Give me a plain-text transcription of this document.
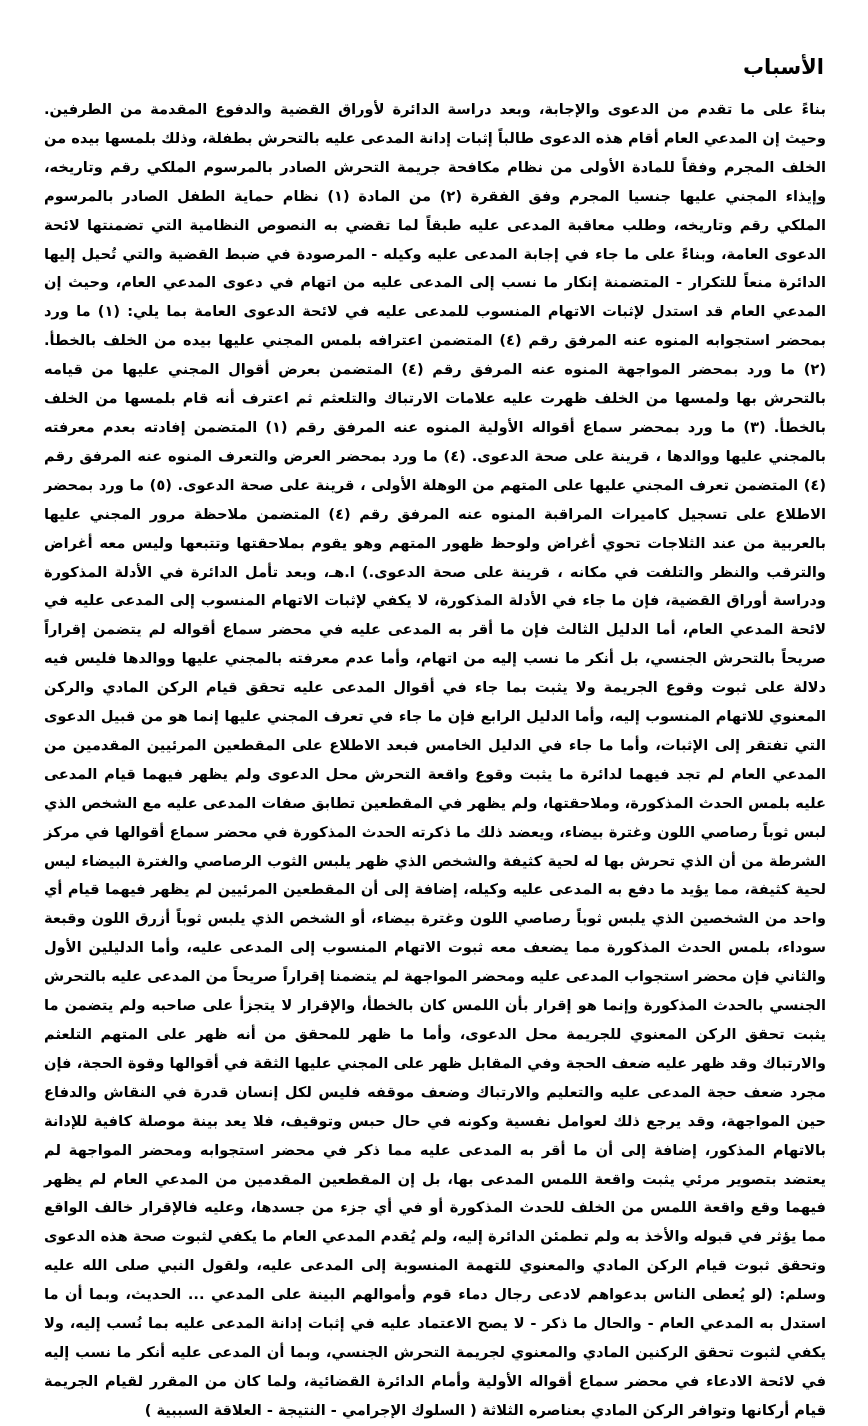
الأسباب

بناءً على ما تقدم من الدعوى والإجابة، وبعد دراسة الدائرة لأوراق القضية والدفوع المقدمة من الطرفين. وحيث إن المدعي العام أقام هذه الدعوى طالباً إثبات إدانة المدعى عليه بالتحرش بطفلة، وذلك بلمسها بيده من الخلف المجرم وفقاً للمادة الأولى من نظام مكافحة جريمة التحرش الصادر بالمرسوم الملكي رقم وتاريخه، وإيذاء المجني عليها جنسيا المجرم وفق الفقرة (٢) من المادة (١) نظام حماية الطفل الصادر بالمرسوم الملكي رقم وتاريخه، وطلب معاقبة المدعى عليه طبقاً لما تقضي به النصوص النظامية التي تضمنتها لائحة الدعوى العامة، وبناءً على ما جاء في إجابة المدعى عليه وكيله - المرصودة في ضبط القضية والتي تُحيل إليها الدائرة منعاً للتكرار - المتضمنة إنكار ما نسب إلى المدعى عليه من اتهام في دعوى المدعي العام، وحيث إن المدعي العام قد استدل لإثبات الاتهام المنسوب للمدعى عليه في لائحة الدعوى العامة بما يلي: (١) ما ورد بمحضر استجوابه المنوه عنه المرفق رقم (٤) المتضمن اعترافه بلمس المجني عليها بيده من الخلف بالخطأ. (٢) ما ورد بمحضر المواجهة المنوه عنه المرفق رقم (٤) المتضمن بعرض أقوال المجني عليها من قيامه بالتحرش بها ولمسها من الخلف ظهرت عليه علامات الارتباك والتلعثم ثم اعترف أنه قام بلمسها من الخلف بالخطأ. (٣) ما ورد بمحضر سماع أقواله الأولية المنوه عنه المرفق رقم (١) المتضمن إفادته بعدم معرفته بالمجني عليها ووالدها ، قرينة على صحة الدعوى. (٤) ما ورد بمحضر العرض والتعرف المنوه عنه المرفق رقم (٤) المتضمن تعرف المجني عليها على المتهم من الوهلة الأولى ، قرينة على صحة الدعوى. (٥) ما ورد بمحضر الاطلاع على تسجيل كاميرات المراقبة المنوه عنه المرفق رقم (٤) المتضمن ملاحظة مرور المجني عليها بالعربية من عند الثلاجات تحوي أغراض ولوحظ ظهور المتهم وهو يقوم بملاحقتها وتتبعها وليس معه أغراض والترقب والنظر والتلفت في مكانه ، قرينة على صحة الدعوى.) ا.هـ، وبعد تأمل الدائرة في الأدلة المذكورة ودراسة أوراق القضية، فإن ما جاء في الأدلة المذكورة، لا يكفي لإثبات الاتهام المنسوب إلى المدعى عليه في لائحة المدعي العام، أما الدليل الثالث فإن ما أقر به المدعى عليه في محضر سماع أقواله لم يتضمن إقراراً صريحاً بالتحرش الجنسي، بل أنكر ما نسب إليه من اتهام، وأما عدم معرفته بالمجني عليها ووالدها فليس فيه دلالة على ثبوت وقوع الجريمة ولا يثبت بما جاء في أقوال المدعى عليه تحقق قيام الركن المادي والركن المعنوي للاتهام المنسوب إليه، وأما الدليل الرابع فإن ما جاء في تعرف المجني عليها إنما هو من قبيل الدعوى التي تفتقر إلى الإثبات، وأما ما جاء في الدليل الخامس فبعد الاطلاع على المقطعين المرئيين المقدمين من المدعي العام لم تجد فيهما لدائرة ما يثبت وقوع واقعة التحرش محل الدعوى ولم يظهر فيهما قيام المدعى عليه بلمس الحدث المذكورة، وملاحقتها، ولم يظهر في المقطعين تطابق صفات المدعى عليه مع الشخص الذي لبس ثوباً رصاصي اللون وغترة بيضاء، ويعضد ذلك ما ذكرته الحدث المذكورة في محضر سماع أقوالها في مركز الشرطة من أن الذي تحرش بها له لحية كثيفة والشخص الذي ظهر يلبس الثوب الرصاصي والغترة البيضاء ليس لحية كثيفة، مما يؤيد ما دفع به المدعى عليه وكيله، إضافة إلى أن المقطعين المرئيين لم يظهر فيهما قيام أي واحد من الشخصين الذي يلبس ثوباً رصاصي اللون وغترة بيضاء، أو الشخص الذي يلبس ثوباً أزرق اللون وقبعة سوداء، بلمس الحدث المذكورة مما يضعف معه ثبوت الاتهام المنسوب إلى المدعى عليه، وأما الدليلين الأول والثاني فإن محضر استجواب المدعى عليه ومحضر المواجهة لم يتضمنا إقراراً صريحاً من المدعى عليه بالتحرش الجنسي بالحدث المذكورة وإنما هو إقرار بأن اللمس كان بالخطأ، والإقرار لا يتجزأ على صاحبه ولم يتضمن ما يثبت تحقق الركن المعنوي للجريمة محل الدعوى، وأما ما ظهر للمحقق من أنه ظهر على المتهم التلعثم والارتباك وقد ظهر عليه ضعف الحجة وفي المقابل ظهر على المجني عليها الثقة في أقوالها وقوة الحجة، فإن مجرد ضعف حجة المدعى عليه والتعليم والارتباك وضعف موقفه فليس لكل إنسان قدرة في النقاش والدفاع حين المواجهة، وقد يرجع ذلك لعوامل نفسية وكونه في حال حبس وتوقيف، فلا يعد بينة موصلة كافية للإدانة بالاتهام المذكور، إضافة إلى أن ما أقر به المدعى عليه مما ذكر في محضر استجوابه ومحضر المواجهة لم يعتضد بتصوير مرئي يثبت واقعة اللمس المدعى بها، بل إن المقطعين المقدمين من المدعي العام لم يظهر فيهما وقع واقعة اللمس من الخلف للحدث المذكورة أو في أي جزء من جسدها، وعليه فالإقرار خالف الواقع مما يؤثر في قبوله والأخذ به ولم تطمئن الدائرة إليه، ولم يُقدم المدعي العام ما يكفي لثبوت صحة هذه الدعوى وتحقق ثبوت قيام الركن المادي والمعنوي للتهمة المنسوبة إلى المدعى عليه، ولقول النبي صلى الله عليه وسلم: (لو يُعطى الناس بدعواهم لادعى رجال دماء قوم وأموالهم البينة على المدعي ... الحديث، وبما أن ما استدل به المدعي العام - والحال ما ذكر - لا يصح الاعتماد عليه في إثبات إدانة المدعى عليه بما نُسب إليه، ولا يكفي لثبوت تحقق الركنين المادي والمعنوي لجريمة التحرش الجنسي، وبما أن المدعى عليه أنكر ما نسب إليه في لائحة الادعاء في محضر سماع أقواله الأولية وأمام الدائرة القضائية، ولما كان من المقرر لقيام الجريمة قيام أركانها وتوافر الركن المادي بعناصره الثلاثة ( السلوك الإجرامي - النتيجة - العلاقة السببية )
